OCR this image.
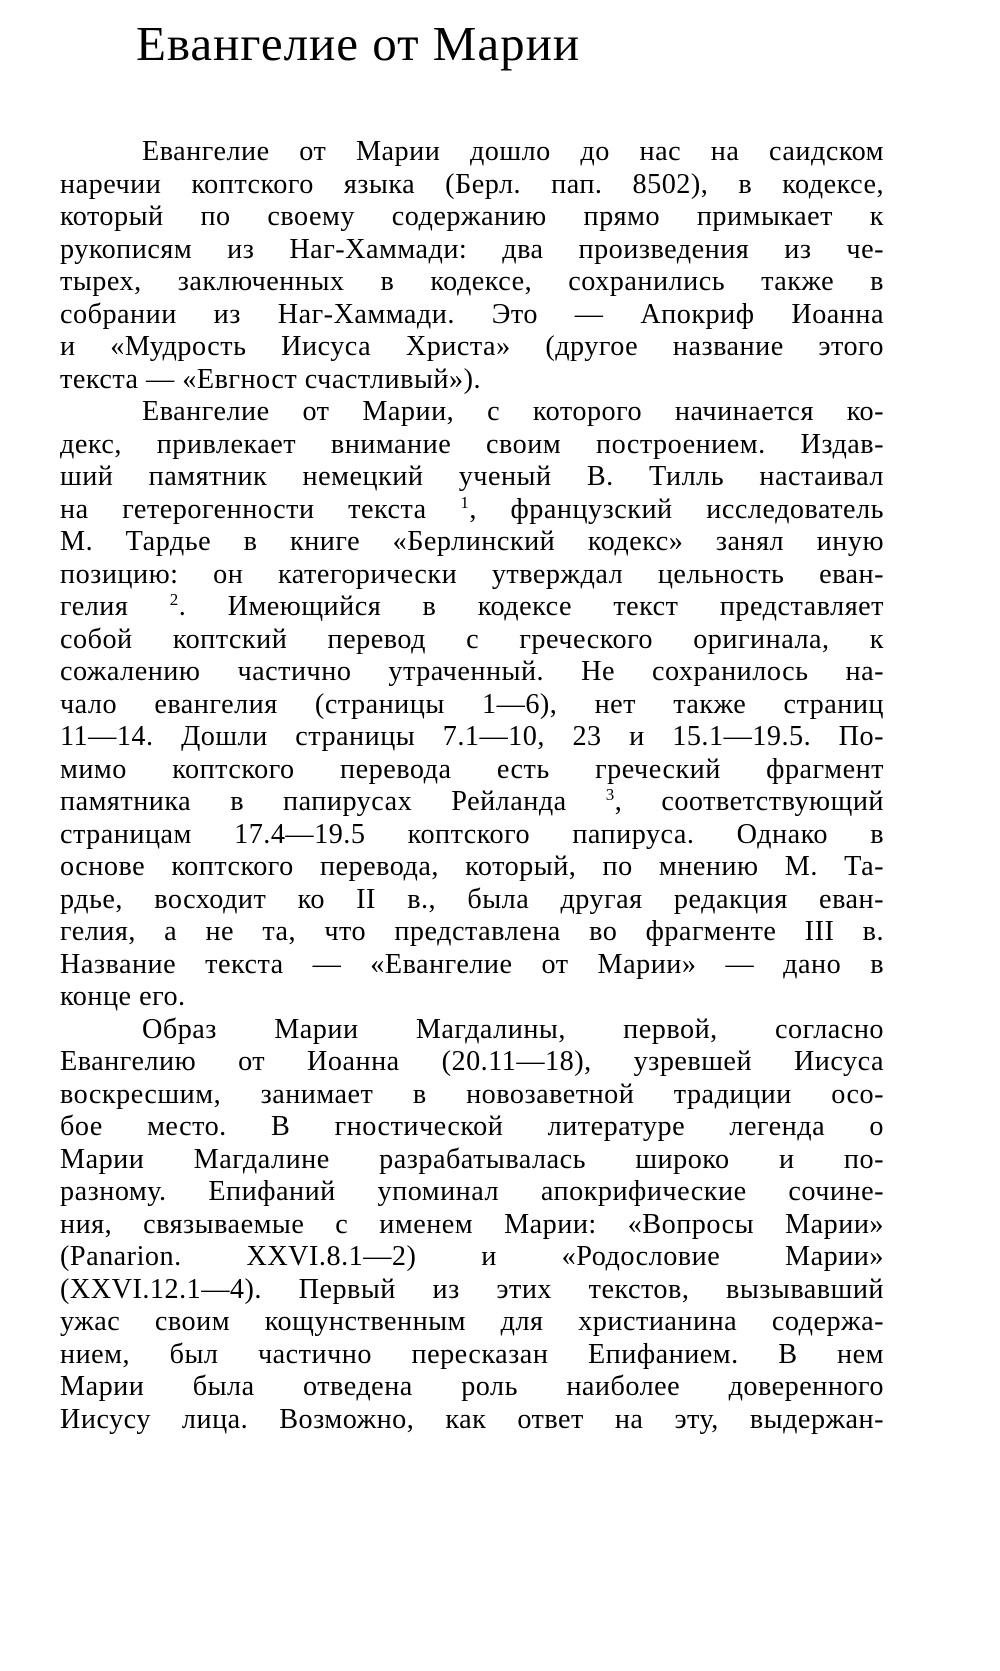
Евангелие от Марии
Евангелие от Марии дошло до нас на саидском
наречии коптского языка (Берл. пап. 8502), в кодексе,
который по своему содержанию прямо примыкает к
рукописям из Наг-Хаммади: два произведения из че-
тырех, заключенных в кодексе, сохранились также в
собрании из Наг-Хаммади. Это — Апокриф Иоанна
и «Мудрость Иисуса Христа» (другое название этого
текста — «Евгност счастливый»).
Евангелие от Марии, с которого начинается ко-
декс, привлекает внимание своим построением. Издав-
ший памятник немецкий ученый В. Тилль настаивал
на гетерогенности текста $^1$, французский исследователь
М. Тардье в книге «Берлинский кодекс» занял иную
позицию: он категорически утверждал цельность еван-
гелия $^2$. Имеющийся в кодексе текст представляет
собой коптский перевод с греческого оригинала, к
сожалению частично утраченный. Не сохранилось на-
чало евангелия (страницы 1—6), нет также страниц
11—14. Дошли страницы 7.1—10, 23 и 15.1—19.5. По-
мимо коптского перевода есть греческий фрагмент
памятника в папирусах Рейланда $^3$, соответствующий
страницам 17.4—19.5 коптского папируса. Однако в
основе коптского перевода, который, по мнению М. Та-
рдье, восходит ко II в., была другая редакция еван-
гелия, а не та, что представлена во фрагменте III в.
Название текста — «Евангелие от Марии» — дано в
конце его.
Образ Марии Магдалины, первой, согласно
Евангелию от Иоанна (20.11—18), узревшей Иисуса
воскресшим, занимает в новозаветной традиции осо-
бое место. В гностической литературе легенда о
Марии Магдалине разрабатывалась широко и по-
разному. Епифаний упоминал апокрифические сочине-
ния, связываемые с именем Марии: «Вопросы Марии»
(Panarion. XXVI.8.1—2) и «Родословие Марии»
(XXVI.12.1—4). Первый из этих текстов, вызывавший
ужас своим кощунственным для христианина содержа-
нием, был частично пересказан Епифанием. В нем
Марии была отведена роль наиболее доверенного
Иисусу лица. Возможно, как ответ на эту, выдержан-
